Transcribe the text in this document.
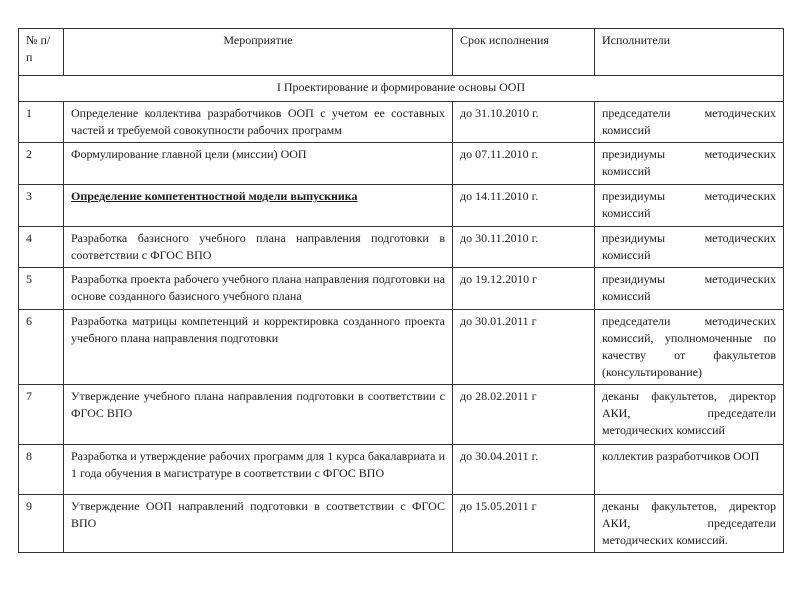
№ п/п	Мероприятие	Срок исполнения	Исполнители
I Проектирование и формирование основы ООП			
1	Определение коллектива разработчиков ООП с учетом ее составных частей и требуемой совокупности рабочих программ	до 31.10.2010 г.	председатели методических комиссий
2	Формулирование главной цели (миссии) ООП	до 07.11.2010 г.	президиумы методических комиссий
3	Определение компетентностной модели выпускника	до 14.11.2010 г.	президиумы методических комиссий
4	Разработка базисного учебного плана направления подготовки в соответствии с ФГОС ВПО	до 30.11.2010 г.	президиумы методических комиссий
5	Разработка проекта рабочего учебного плана направления подготовки на основе созданного базисного учебного плана	до 19.12.2010 г	президиумы методических комиссий
6	Разработка матрицы компетенций и корректировка созданного проекта учебного плана направления подготовки	до 30.01.2011 г	председатели методических комиссий, уполномоченные по качеству от факультетов (консультирование)
7	Утверждение учебного плана направления подготовки в соответствии с ФГОС ВПО	до 28.02.2011 г	деканы факультетов, директор АКИ, председатели методических комиссий
8	Разработка и утверждение рабочих программ для 1 курса бакалавриата и 1 года обучения в магистратуре в соответствии с ФГОС ВПО	до 30.04.2011 г.	коллектив разработчиков ООП
9	Утверждение ООП направлений подготовки в соответствии с ФГОС ВПО	до 15.05.2011 г	деканы факультетов, директор АКИ, председатели методических комиссий.
